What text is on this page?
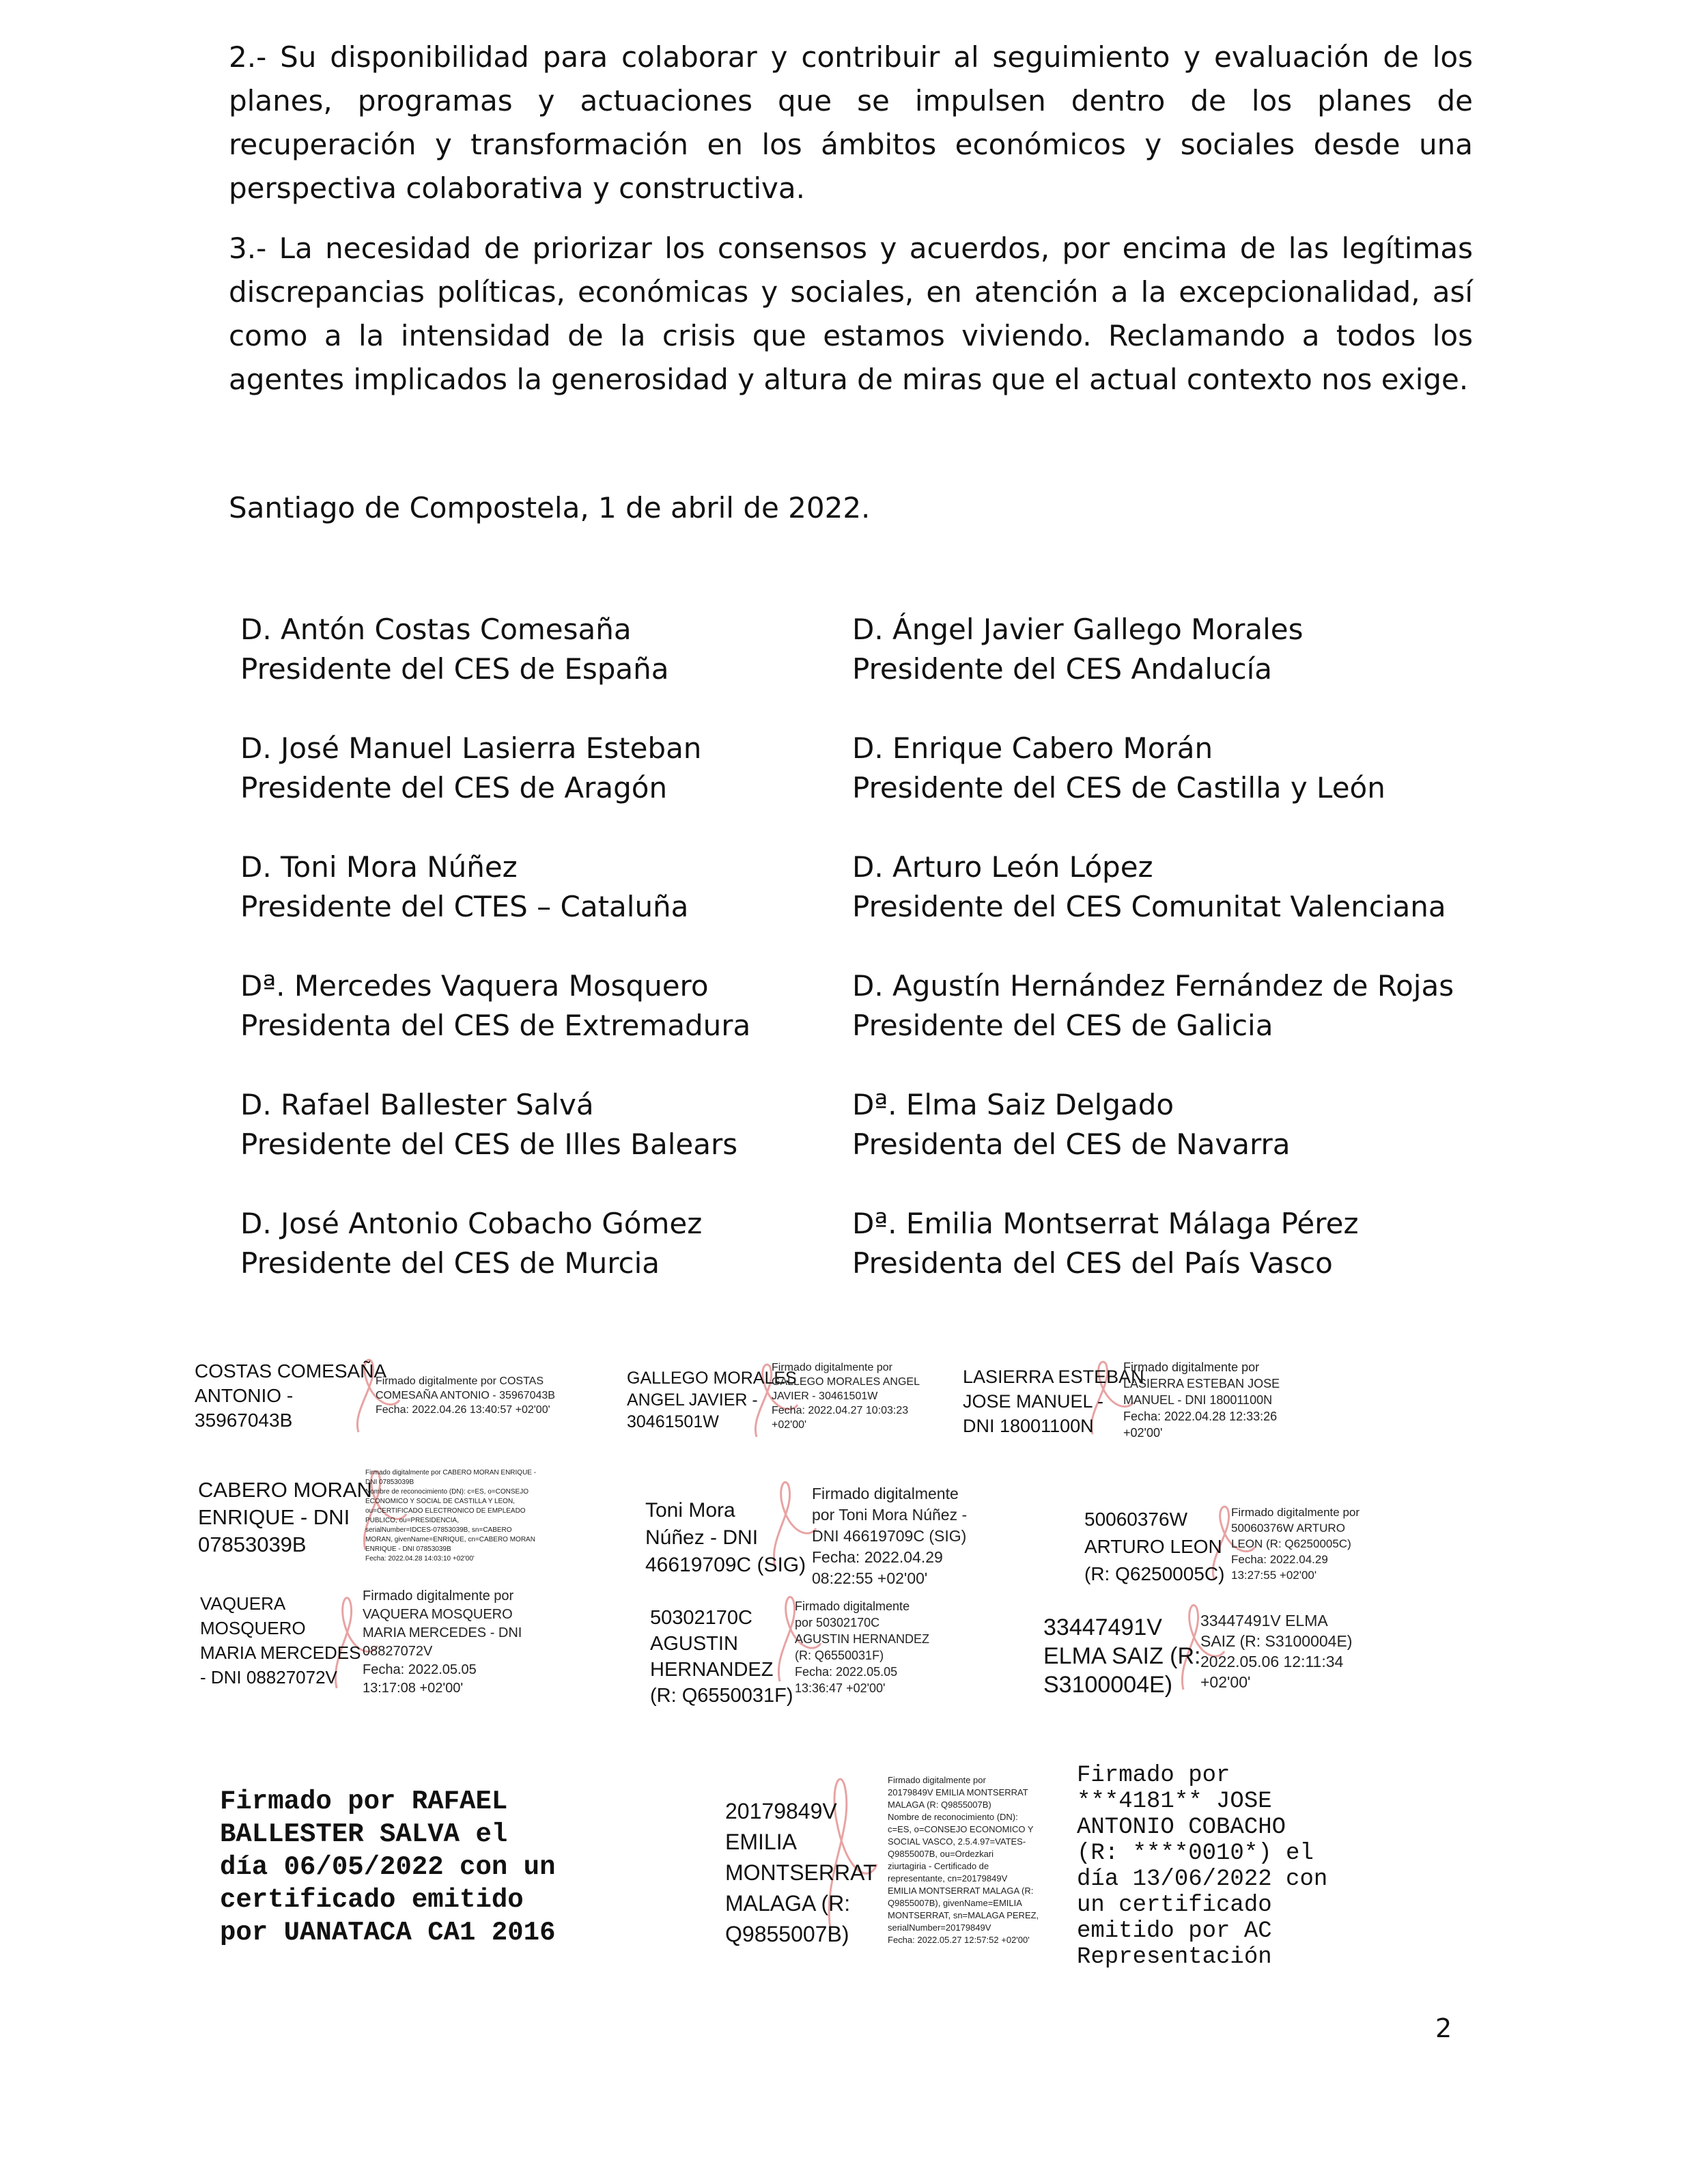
2.- Su disponibilidad para colaborar y contribuir al seguimiento y evaluación de los planes, programas y actuaciones que se impulsen dentro de los planes de recuperación y transformación en los ámbitos económicos y sociales desde una perspectiva colaborativa y constructiva.

3.- La necesidad de priorizar los consensos y acuerdos, por encima de las legítimas discrepancias políticas, económicas y sociales, en atención a la excepcionalidad, así como a la intensidad de la crisis que estamos viviendo. Reclamando a todos los agentes implicados la generosidad y altura de miras que el actual contexto nos exige.

Santiago de Compostela, 1 de abril de 2022.

D. Antón Costas Comesaña
Presidente del CES de España
D. José Manuel Lasierra Esteban
Presidente del CES de Aragón
D. Toni Mora Núñez
Presidente del CTES – Cataluña
Dª. Mercedes Vaquera Mosquero
Presidenta del CES de Extremadura
D. Rafael Ballester Salvá
Presidente del CES de Illes Balears
D. José Antonio Cobacho Gómez
Presidente del CES de Murcia
D. Ángel Javier Gallego Morales
Presidente del CES Andalucía
D. Enrique Cabero Morán
Presidente del CES de Castilla y León
D. Arturo León López
Presidente del CES Comunitat Valenciana
D. Agustín Hernández Fernández de Rojas
Presidente del CES de Galicia
Dª. Elma Saiz Delgado
Presidenta del CES de Navarra
Dª. Emilia Montserrat Málaga Pérez
Presidenta del CES del País Vasco
COSTAS COMESAÑA
ANTONIO -
35967043B
Firmado digitalmente por COSTAS
COMESAÑA ANTONIO - 35967043B
Fecha: 2022.04.26 13:40:57 +02'00'
GALLEGO MORALES
ANGEL JAVIER -
30461501W
Firmado digitalmente por
GALLEGO MORALES ANGEL
JAVIER - 30461501W
Fecha: 2022.04.27 10:03:23
+02'00'
LASIERRA ESTEBAN
JOSE MANUEL -
DNI 18001100N
Firmado digitalmente por
LASIERRA ESTEBAN JOSE
MANUEL - DNI 18001100N
Fecha: 2022.04.28 12:33:26
+02'00'
CABERO MORAN
ENRIQUE - DNI
07853039B
Firmado digitalmente por CABERO MORAN ENRIQUE -
DNI 07853039B
Nombre de reconocimiento (DN): c=ES, o=CONSEJO
ECONOMICO Y SOCIAL DE CASTILLA Y LEON,
ou=CERTIFICADO ELECTRONICO DE EMPLEADO
PUBLICO, ou=PRESIDENCIA,
serialNumber=IDCES-07853039B, sn=CABERO
MORAN, givenName=ENRIQUE, cn=CABERO MORAN
ENRIQUE - DNI 07853039B
Fecha: 2022.04.28 14:03:10 +02'00'
Toni Mora
Núñez - DNI
46619709C (SIG)
Firmado digitalmente
por Toni Mora Núñez -
DNI 46619709C (SIG)
Fecha: 2022.04.29
08:22:55 +02'00'
50060376W
ARTURO LEON
(R: Q6250005C)
Firmado digitalmente por
50060376W ARTURO
LEON (R: Q6250005C)
Fecha: 2022.04.29
13:27:55 +02'00'
VAQUERA
MOSQUERO
MARIA MERCEDES
- DNI 08827072V
Firmado digitalmente por
VAQUERA MOSQUERO
MARIA MERCEDES - DNI
08827072V
Fecha: 2022.05.05
13:17:08 +02'00'
50302170C
AGUSTIN
HERNANDEZ
(R: Q6550031F)
Firmado digitalmente
por 50302170C
AGUSTIN HERNANDEZ
(R: Q6550031F)
Fecha: 2022.05.05
13:36:47 +02'00'
33447491V
ELMA SAIZ (R:
S3100004E)
33447491V ELMA
SAIZ (R: S3100004E)
2022.05.06 12:11:34
+02'00'
Firmado por RAFAEL
BALLESTER SALVA el
día 06/05/2022 con un
certificado emitido
por UANATACA CA1 2016
20179849V
EMILIA
MONTSERRAT
MALAGA (R:
Q9855007B)
Firmado digitalmente por
20179849V EMILIA MONTSERRAT
MALAGA (R: Q9855007B)
Nombre de reconocimiento (DN):
c=ES, o=CONSEJO ECONOMICO Y
SOCIAL VASCO, 2.5.4.97=VATES-
Q9855007B, ou=Ordezkari
ziurtagiria - Certificado de
representante, cn=20179849V
EMILIA MONTSERRAT MALAGA (R:
Q9855007B), givenName=EMILIA
MONTSERRAT, sn=MALAGA PEREZ,
serialNumber=20179849V
Fecha: 2022.05.27 12:57:52 +02'00'
Firmado por
***4181** JOSE
ANTONIO COBACHO
(R: ****0010*) el
día 13/06/2022 con
un certificado
emitido por AC
Representación
2
